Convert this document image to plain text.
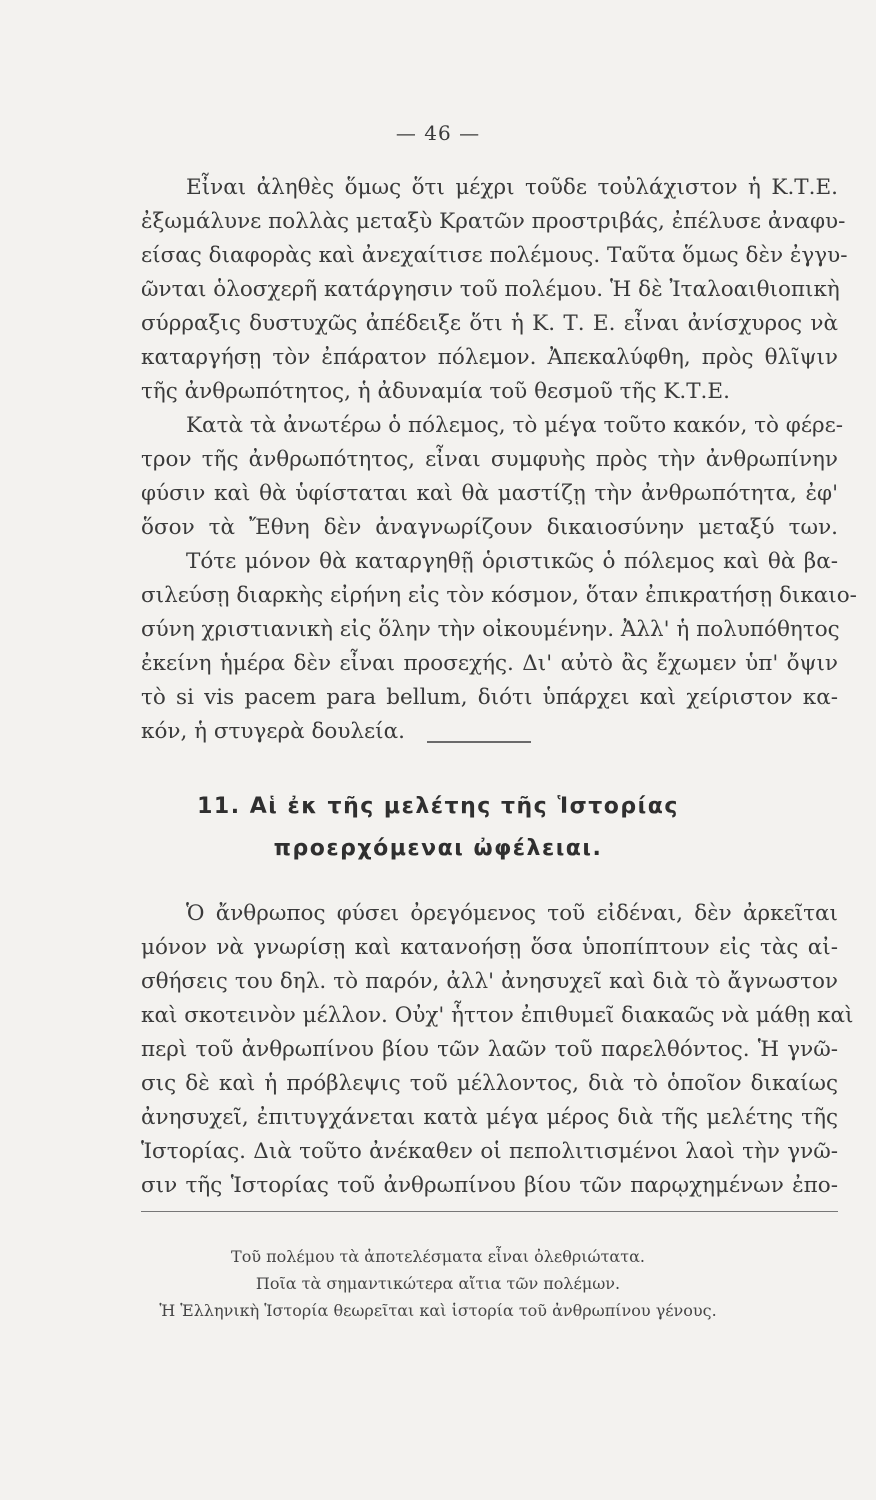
— 46 —
Εἶναι ἀληθὲς ὅμως ὅτι μέχρι τοῦδε τοὐλάχιστον ἡ Κ.Τ.Ε.
ἐξωμάλυνε πολλὰς μεταξὺ Κρατῶν προστριβάς, ἐπέλυσε ἀναφυ-
είσας διαφορὰς καὶ ἀνεχαίτισε πολέμους. Ταῦτα ὅμως δὲν ἐγγυ-
ῶνται ὁλοσχερῆ κατάργησιν τοῦ πολέμου. Ἡ δὲ Ἰταλοαιθιοπικὴ
σύρραξις δυστυχῶς ἀπέδειξε ὅτι ἡ Κ. Τ. Ε. εἶναι ἀνίσχυρος νὰ
καταργήσῃ τὸν ἐπάρατον πόλεμον. Ἀπεκαλύφθη, πρὸς θλῖψιν
τῆς ἀνθρωπότητος, ἡ ἀδυναμία τοῦ θεσμοῦ τῆς Κ.Τ.Ε.
Κατὰ τὰ ἀνωτέρω ὁ πόλεμος, τὸ μέγα τοῦτο κακόν, τὸ φέρε-
τρον τῆς ἀνθρωπότητος, εἶναι συμφυὴς πρὸς τὴν ἀνθρωπίνην
φύσιν καὶ θὰ ὑφίσταται καὶ θὰ μαστίζῃ τὴν ἀνθρωπότητα, ἐφ'
ὅσον τὰ Ἔθνη δὲν ἀναγνωρίζουν δικαιοσύνην μεταξύ των.
Τότε μόνον θὰ καταργηθῇ ὁριστικῶς ὁ πόλεμος καὶ θὰ βα-
σιλεύσῃ διαρκὴς εἰρήνη εἰς τὸν κόσμον, ὅταν ἐπικρατήσῃ δικαιο-
σύνη χριστιανικὴ εἰς ὅλην τὴν οἰκουμένην. Ἀλλ' ἡ πολυπόθητος
ἐκείνη ἡμέρα δὲν εἶναι προσεχής. Δι' αὐτὸ ἂς ἔχωμεν ὑπ' ὄψιν
τὸ si vis pacem para bellum, διότι ὑπάρχει καὶ χείριστον κα-
κόν, ἡ στυγερὰ δουλεία.
11. Αἱ ἐκ τῆς μελέτης τῆς Ἱστορίας
προερχόμεναι ὠφέλειαι.
Ὁ ἄνθρωπος φύσει ὀρεγόμενος τοῦ εἰδέναι, δὲν ἀρκεῖται
μόνον νὰ γνωρίσῃ καὶ κατανοήσῃ ὅσα ὑποπίπτουν εἰς τὰς αἰ-
σθήσεις του δηλ. τὸ παρόν, ἀλλ' ἀνησυχεῖ καὶ διὰ τὸ ἄγνωστον
καὶ σκοτεινὸν μέλλον. Οὐχ' ἧττον ἐπιθυμεῖ διακαῶς νὰ μάθῃ καὶ
περὶ τοῦ ἀνθρωπίνου βίου τῶν λαῶν τοῦ παρελθόντος. Ἡ γνῶ-
σις δὲ καὶ ἡ πρόβλεψις τοῦ μέλλοντος, διὰ τὸ ὁποῖον δικαίως
ἀνησυχεῖ, ἐπιτυγχάνεται κατὰ μέγα μέρος διὰ τῆς μελέτης τῆς
Ἱστορίας. Διὰ τοῦτο ἀνέκαθεν οἱ πεπολιτισμένοι λαοὶ τὴν γνῶ-
σιν τῆς Ἱστορίας τοῦ ἀνθρωπίνου βίου τῶν παρῳχημένων ἐπο-
Τοῦ πολέμου τὰ ἀποτελέσματα εἶναι ὀλεθριώτατα.
Ποῖα τὰ σημαντικώτερα αἴτια τῶν πολέμων.
Ἡ Ἑλληνικὴ Ἱστορία θεωρεῖται καὶ ἱστορία τοῦ ἀνθρωπίνου γένους.
